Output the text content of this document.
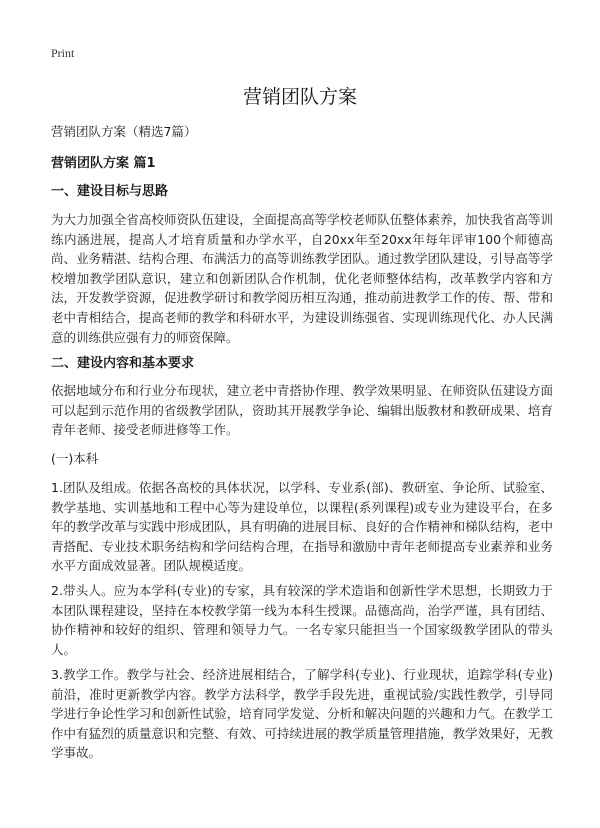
Print
营销团队方案
营销团队方案（精选7篇）
营销团队方案 篇1
一、建设目标与思路
为大力加强全省高校师资队伍建设，全面提高高等学校老师队伍整体素养，加快我省高等训练内涵进展，提高人才培育质量和办学水平，自20xx年至20xx年每年评审100个师德高尚、业务精湛、结构合理、布满活力的高等训练教学团队。通过教学团队建设，引导高等学校增加教学团队意识，建立和创新团队合作机制，优化老师整体结构，改革教学内容和方法，开发教学资源，促进教学研讨和教学阅历相互沟通，推动前进教学工作的传、帮、带和老中青相结合，提高老师的教学和科研水平，为建设训练强省、实现训练现代化、办人民满意的训练供应强有力的师资保障。
二、建设内容和基本要求
依据地域分布和行业分布现状，建立老中青搭协作理、教学效果明显、在师资队伍建设方面可以起到示范作用的省级教学团队，资助其开展教学争论、编辑出版教材和教研成果、培育青年老师、接受老师进修等工作。
(一)本科
1.团队及组成。依据各高校的具体状况，以学科、专业系(部)、教研室、争论所、试验室、教学基地、实训基地和工程中心等为建设单位，以课程(系列课程)或专业为建设平台，在多年的教学改革与实践中形成团队，具有明确的进展目标、良好的合作精神和梯队结构，老中青搭配、专业技术职务结构和学问结构合理，在指导和激励中青年老师提高专业素养和业务水平方面成效显著。团队规模适度。
2.带头人。应为本学科(专业)的专家，具有较深的学术造诣和创新性学术思想，长期致力于本团队课程建设，坚持在本校教学第一线为本科生授课。品德高尚，治学严谨，具有团结、协作精神和较好的组织、管理和领导力气。一名专家只能担当一个国家级教学团队的带头人。
3.教学工作。教学与社会、经济进展相结合，了解学科(专业)、行业现状，追踪学科(专业)前沿，准时更新教学内容。教学方法科学，教学手段先进，重视试验/实践性教学，引导同学进行争论性学习和创新性试验，培育同学发觉、分析和解决问题的兴趣和力气。在教学工作中有猛烈的质量意识和完整、有效、可持续进展的教学质量管理措施，教学效果好，无教学事故。
